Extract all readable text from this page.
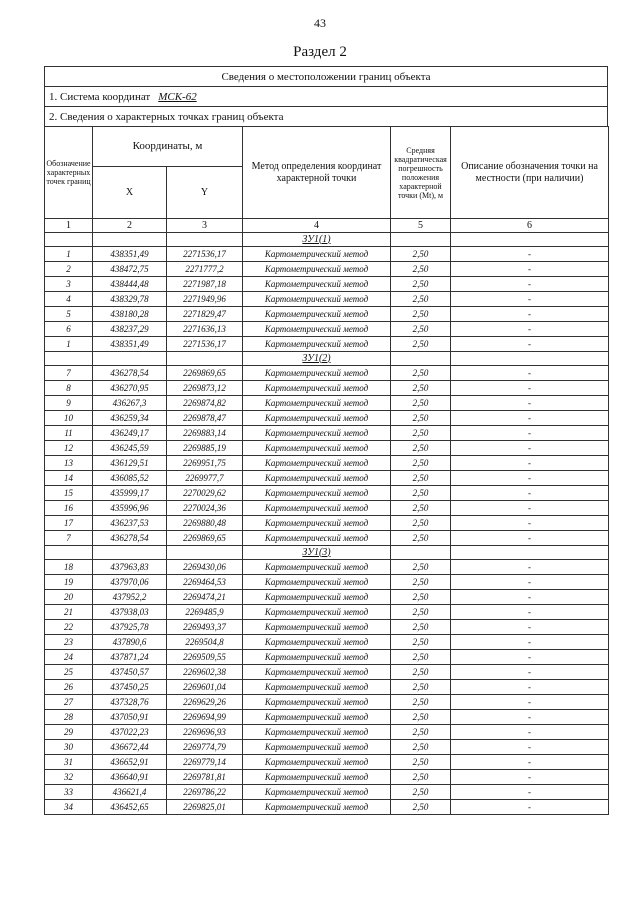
43
Раздел 2
Сведения о местоположении границ объекта
1. Система координат МСК-62
2. Сведения о характерных точках границ объекта
Обозначение характерных точек границ	Координаты, м		Метод определения координат характерной точки	Средняя квадратическая погрешность положения характерной точки (Mt), м	Описание обозначения точки на местности (при наличии)
	X	Y			
1	2	3	4	5	6
			ЗУ1(1)		
1	438351,49	2271536,17	Картометрический метод	2,50	-
2	438472,75	2271777,2	Картометрический метод	2,50	-
3	438444,48	2271987,18	Картометрический метод	2,50	-
4	438329,78	2271949,96	Картометрический метод	2,50	-
5	438180,28	2271829,47	Картометрический метод	2,50	-
6	438237,29	2271636,13	Картометрический метод	2,50	-
1	438351,49	2271536,17	Картометрический метод	2,50	-
			ЗУ1(2)		
7	436278,54	2269869,65	Картометрический метод	2,50	-
8	436270,95	2269873,12	Картометрический метод	2,50	-
9	436267,3	2269874,82	Картометрический метод	2,50	-
10	436259,34	2269878,47	Картометрический метод	2,50	-
11	436249,17	2269883,14	Картометрический метод	2,50	-
12	436245,59	2269885,19	Картометрический метод	2,50	-
13	436129,51	2269951,75	Картометрический метод	2,50	-
14	436085,52	2269977,7	Картометрический метод	2,50	-
15	435999,17	2270029,62	Картометрический метод	2,50	-
16	435996,96	2270024,36	Картометрический метод	2,50	-
17	436237,53	2269880,48	Картометрический метод	2,50	-
7	436278,54	2269869,65	Картометрический метод	2,50	-
			ЗУ1(3)		
18	437963,83	2269430,06	Картометрический метод	2,50	-
19	437970,06	2269464,53	Картометрический метод	2,50	-
20	437952,2	2269474,21	Картометрический метод	2,50	-
21	437938,03	2269485,9	Картометрический метод	2,50	-
22	437925,78	2269493,37	Картометрический метод	2,50	-
23	437890,6	2269504,8	Картометрический метод	2,50	-
24	437871,24	2269509,55	Картометрический метод	2,50	-
25	437450,57	2269602,38	Картометрический метод	2,50	-
26	437450,25	2269601,04	Картометрический метод	2,50	-
27	437328,76	2269629,26	Картометрический метод	2,50	-
28	437050,91	2269694,99	Картометрический метод	2,50	-
29	437022,23	2269696,93	Картометрический метод	2,50	-
30	436672,44	2269774,79	Картометрический метод	2,50	-
31	436652,91	2269779,14	Картометрический метод	2,50	-
32	436640,91	2269781,81	Картометрический метод	2,50	-
33	436621,4	2269786,22	Картометрический метод	2,50	-
34	436452,65	2269825,01	Картометрический метод	2,50	-
